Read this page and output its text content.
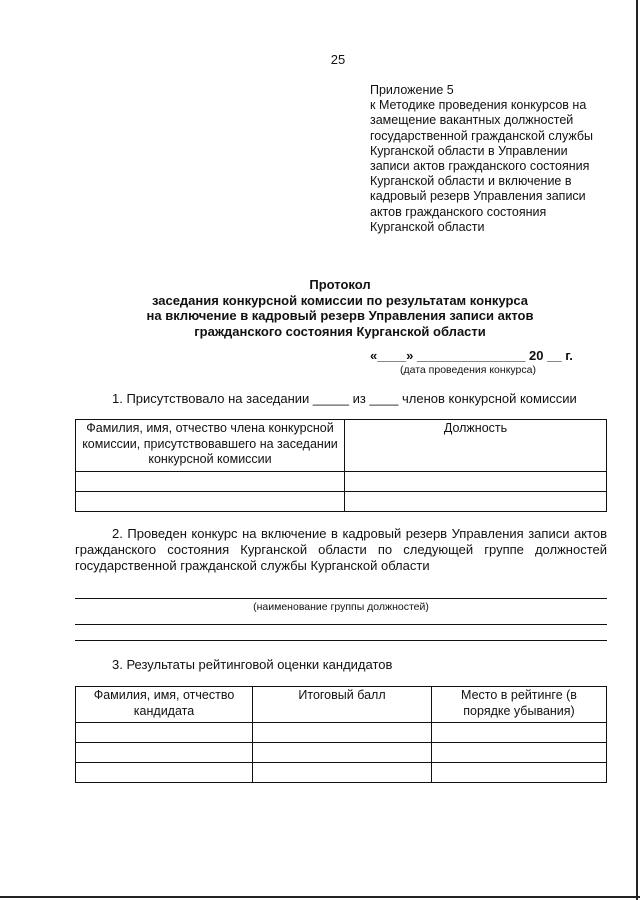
25
Приложение 5
к Методике проведения конкурсов на замещение вакантных должностей государственной гражданской службы Курганской области в Управлении записи актов гражданского состояния Курганской области и включение в кадровый резерв Управления записи актов гражданского состояния Курганской области
Протокол
заседания конкурсной комиссии по результатам конкурса
на включение в кадровый резерв Управления записи актов
гражданского состояния Курганской области
«____» _______________ 20 __ г.
(дата проведения конкурса)
1. Присутствовало на заседании _____ из ____ членов конкурсной комиссии
Фамилия, имя, отчество члена конкурсной комиссии, присутствовавшего на заседании конкурсной комиссии	Должность

2. Проведен конкурс на включение в кадровый резерв Управления записи актов гражданского состояния Курганской области по следующей группе должностей государственной гражданской службы Курганской области
(наименование группы должностей)
3. Результаты рейтинговой оценки кандидатов
Фамилия, имя, отчество кандидата	Итоговый балл	Место в рейтинге (в порядке убывания)
